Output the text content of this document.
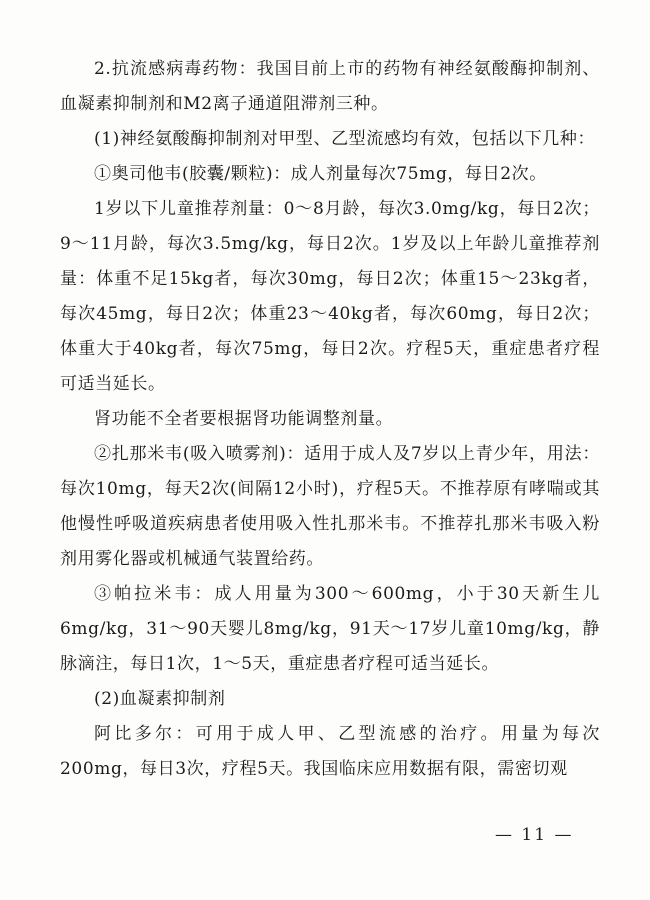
2.抗流感病毒药物：我国目前上市的药物有神经氨酸酶抑制剂、血凝素抑制剂和M2离子通道阻滞剂三种。

(1)神经氨酸酶抑制剂对甲型、乙型流感均有效，包括以下几种：

①奥司他韦(胶囊/颗粒)：成人剂量每次75mg，每日2次。

1岁以下儿童推荐剂量：0～8月龄，每次3.0mg/kg，每日2次；9～11月龄，每次3.5mg/kg，每日2次。1岁及以上年龄儿童推荐剂量：体重不足15kg者，每次30mg，每日2次；体重15～23kg者，每次45mg，每日2次；体重23～40kg者，每次60mg，每日2次；体重大于40kg者，每次75mg，每日2次。疗程5天，重症患者疗程可适当延长。

肾功能不全者要根据肾功能调整剂量。

②扎那米韦(吸入喷雾剂)：适用于成人及7岁以上青少年，用法：每次10mg，每天2次(间隔12小时)，疗程5天。不推荐原有哮喘或其他慢性呼吸道疾病患者使用吸入性扎那米韦。不推荐扎那米韦吸入粉剂用雾化器或机械通气装置给药。

③帕拉米韦：成人用量为300～600mg，小于30天新生儿6mg/kg，31～90天婴儿8mg/kg，91天～17岁儿童10mg/kg，静脉滴注，每日1次，1～5天，重症患者疗程可适当延长。

(2)血凝素抑制剂

阿比多尔：可用于成人甲、乙型流感的治疗。用量为每次200mg，每日3次，疗程5天。我国临床应用数据有限，需密切观

— 11 —
